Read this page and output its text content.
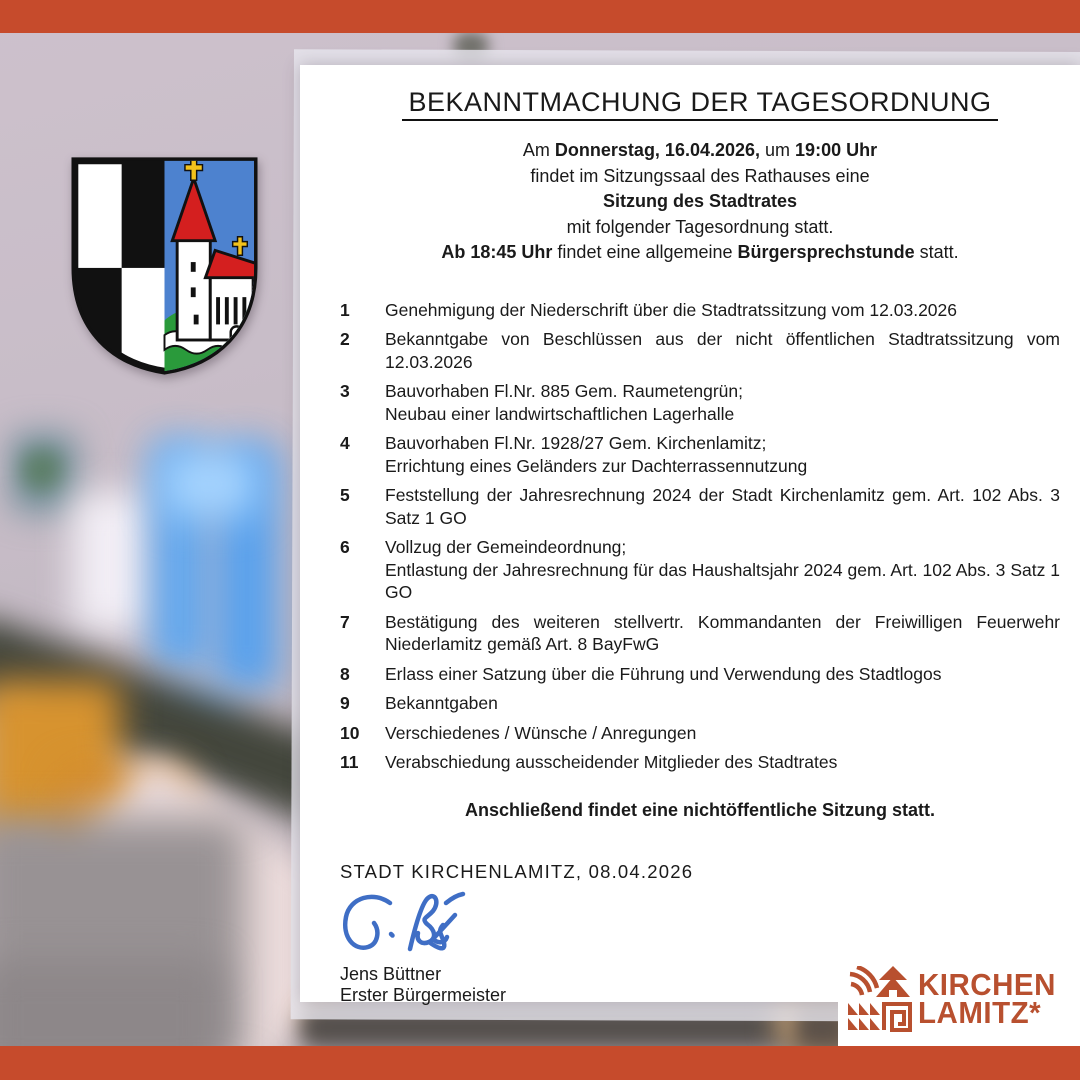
BEKANNTMACHUNG DER TAGESORDNUNG
Am Donnerstag, 16.04.2026, um 19:00 Uhr
findet im Sitzungssaal des Rathauses eine
Sitzung des Stadtrates
mit folgender Tagesordnung statt.
Ab 18:45 Uhr findet eine allgemeine Bürgersprechstunde statt.
1	Genehmigung der Niederschrift über die Stadtratssitzung vom 12.03.2026
2	Bekanntgabe von Beschlüssen aus der nicht öffentlichen Stadtratssitzung vom 12.03.2026
3	Bauvorhaben Fl.Nr. 885 Gem. Raumetengrün;
Neubau einer landwirtschaftlichen Lagerhalle
4	Bauvorhaben Fl.Nr. 1928/27 Gem. Kirchenlamitz;
Errichtung eines Geländers zur Dachterrassennutzung
5	Feststellung der Jahresrechnung 2024 der Stadt Kirchenlamitz gem. Art. 102 Abs. 3 Satz 1 GO
6	Vollzug der Gemeindeordnung;
Entlastung der Jahresrechnung für das Haushaltsjahr 2024 gem. Art. 102 Abs. 3 Satz 1 GO
7	Bestätigung des weiteren stellvertr. Kommandanten der Freiwilligen Feuerwehr Niederlamitz gemäß Art. 8 BayFwG
8	Erlass einer Satzung über die Führung und Verwendung des Stadtlogos
9	Bekanntgaben
10	Verschiedenes / Wünsche / Anregungen
11	Verabschiedung ausscheidender Mitglieder des Stadtrates
Anschließend findet eine nichtöffentliche Sitzung statt.
STADT KIRCHENLAMITZ, 08.04.2026
Jens Büttner
Erster Bürgermeister	KIRCHEN
LAMITZ*
